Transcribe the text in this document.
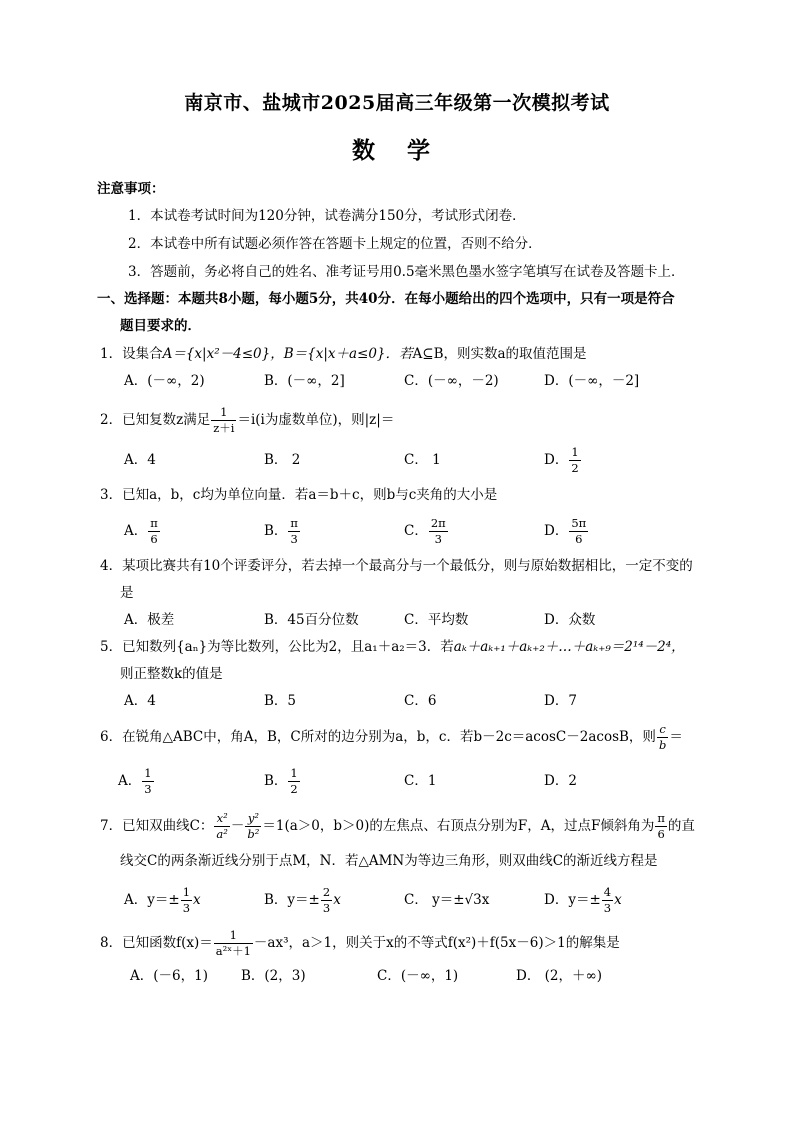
南京市、盐城市2025届高三年级第一次模拟考试
数 学
注意事项：
1．本试卷考试时间为120分钟，试卷满分150分，考试形式闭卷．
2．本试卷中所有试题必须作答在答题卡上规定的位置，否则不给分．
3．答题前，务必将自己的姓名、准考证号用0.5毫米黑色墨水签字笔填写在试卷及答题卡上．
一、选择题：本题共8小题，每小题5分，共40分．在每小题给出的四个选项中，只有一项是符合
题目要求的．
1．设集合A＝{x|x²－4≤0}，B＝{x|x＋a≤0}．若A⊆B，则实数a的取值范围是
A．(－∞，2)	B．(－∞，2]	C．(－∞，－2)	D．(－∞，－2]
2．已知复数z满足 $\frac{1}{z+i} =i(i$为虚数单位)，则|z|＝
A．4	B． 2	C． 1	D． $\frac{1}{2}$
3．已知a，b，c均为单位向量．若a＝b＋c，则b与c夹角的大小是
A． $\frac{\pi}{6}$	B． $\frac{\pi}{3}$	C． $\frac{2\pi}{3}$	D． $\frac{5\pi}{6}$
4．某项比赛共有10个评委评分，若去掉一个最高分与一个最低分，则与原始数据相比，一定不变的
是
A．极差	B．45百分位数	C．平均数	D．众数
5．已知数列{aₙ}为等比数列，公比为2，且a₁＋a₂＝3．若aₖ＋aₖ₊₁＋aₖ₊₂＋…＋aₖ₊₉＝2¹⁴－2⁴，
则正整数k的值是
A．4	B．5	C．6	D．7
6．在锐角△ABC中，角A，B，C所对的边分别为a，b，c．若b－2c＝acosC－2acosB，则 $\frac{c}{b}$ ＝
A． $\frac{1}{3}$	B． $\frac{1}{2}$	C．1	D．2
7．已知双曲线C： $\frac{\text{x²}}{\text{a²}} - \frac{\text{y²}}{\text{b²}} =1(a>0$，b＞0)的左焦点、右顶点分别为F，A，过点F倾斜角为 $\frac{\pi}{6}$ 的直
线交C的两条渐近线分别于点M，N．若△AMN为等边三角形，则双曲线C的渐近线方程是
A．$y=\pm \frac{1}{3}$ x	B．$y=\pm \frac{2}{3}$ x	C． y＝±√3x	D．$y=\pm \frac{4}{3}$ x
8．已知函数$f(x)= \frac{1}{\text{a²ˣ＋1}} -ax^3$，a＞1，则关于x的不等式f(x²)＋f(5x－6)＞1的解集是
A．(－6，1) B．(2，3)	C．(－∞，1)	D． (2，＋∞)
